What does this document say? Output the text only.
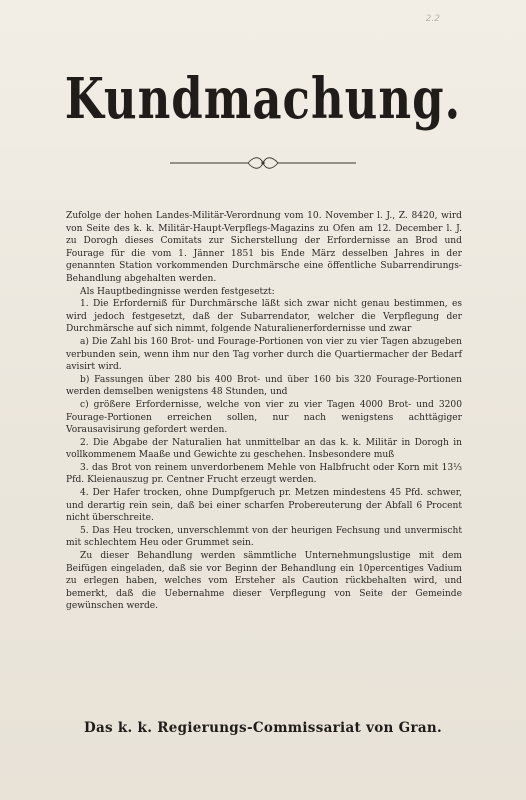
2.2
Kundmachung.

Zufolge der hohen Landes-Militär-Verordnung vom 10. November l. J., Z. 8420, wird von Seite des k. k. Militär-Haupt-Verpflegs-Magazins zu Ofen am 12. December l. J. zu Dorogh dieses Comitats zur Sicherstellung der Erfordernisse an Brod und Fourage für die vom 1. Jänner 1851 bis Ende März desselben Jahres in der genannten Station vorkommenden Durchmärsche eine öffentliche Subarrendirungs-Behandlung abgehalten werden.

Als Hauptbedingnisse werden festgesetzt:

1. Die Erforderniß für Durchmärsche läßt sich zwar nicht genau bestimmen, es wird jedoch festgesetzt, daß der Subarrendator, welcher die Verpflegung der Durchmärsche auf sich nimmt, folgende Naturalienerfordernisse und zwar

a) Die Zahl bis 160 Brot- und Fourage-Portionen von vier zu vier Tagen abzugeben verbunden sein, wenn ihm nur den Tag vorher durch die Quartiermacher der Bedarf avisirt wird.

b) Fassungen über 280 bis 400 Brot- und über 160 bis 320 Fourage-Portionen werden demselben wenigstens 48 Stunden, und

c) größere Erfordernisse, welche von vier zu vier Tagen 4000 Brot- und 3200 Fourage-Portionen erreichen sollen, nur nach wenigstens achttägiger Vorausavisirung gefordert werden.

2. Die Abgabe der Naturalien hat unmittelbar an das k. k. Militär in Dorogh in vollkommenem Maaße und Gewichte zu geschehen. Insbesondere muß

3. das Brot von reinem unverdorbenem Mehle von Halbfrucht oder Korn mit 13⅓ Pfd. Kleienauszug pr. Centner Frucht erzeugt werden.

4. Der Hafer trocken, ohne Dumpfgeruch pr. Metzen mindestens 45 Pfd. schwer, und derartig rein sein, daß bei einer scharfen Probereuterung der Abfall 6 Procent nicht überschreite.

5. Das Heu trocken, unverschlemmt von der heurigen Fechsung und unvermischt mit schlechtem Heu oder Grummet sein.

Zu dieser Behandlung werden sämmtliche Unternehmungslustige mit dem Beifügen eingeladen, daß sie vor Beginn der Behandlung ein 10percentiges Vadium zu erlegen haben, welches vom Ersteher als Caution rückbehalten wird, und bemerkt, daß die Uebernahme dieser Verpflegung von Seite der Gemeinde gewünschen werde.

Das k. k. Regierungs-Commissariat von Gran.
